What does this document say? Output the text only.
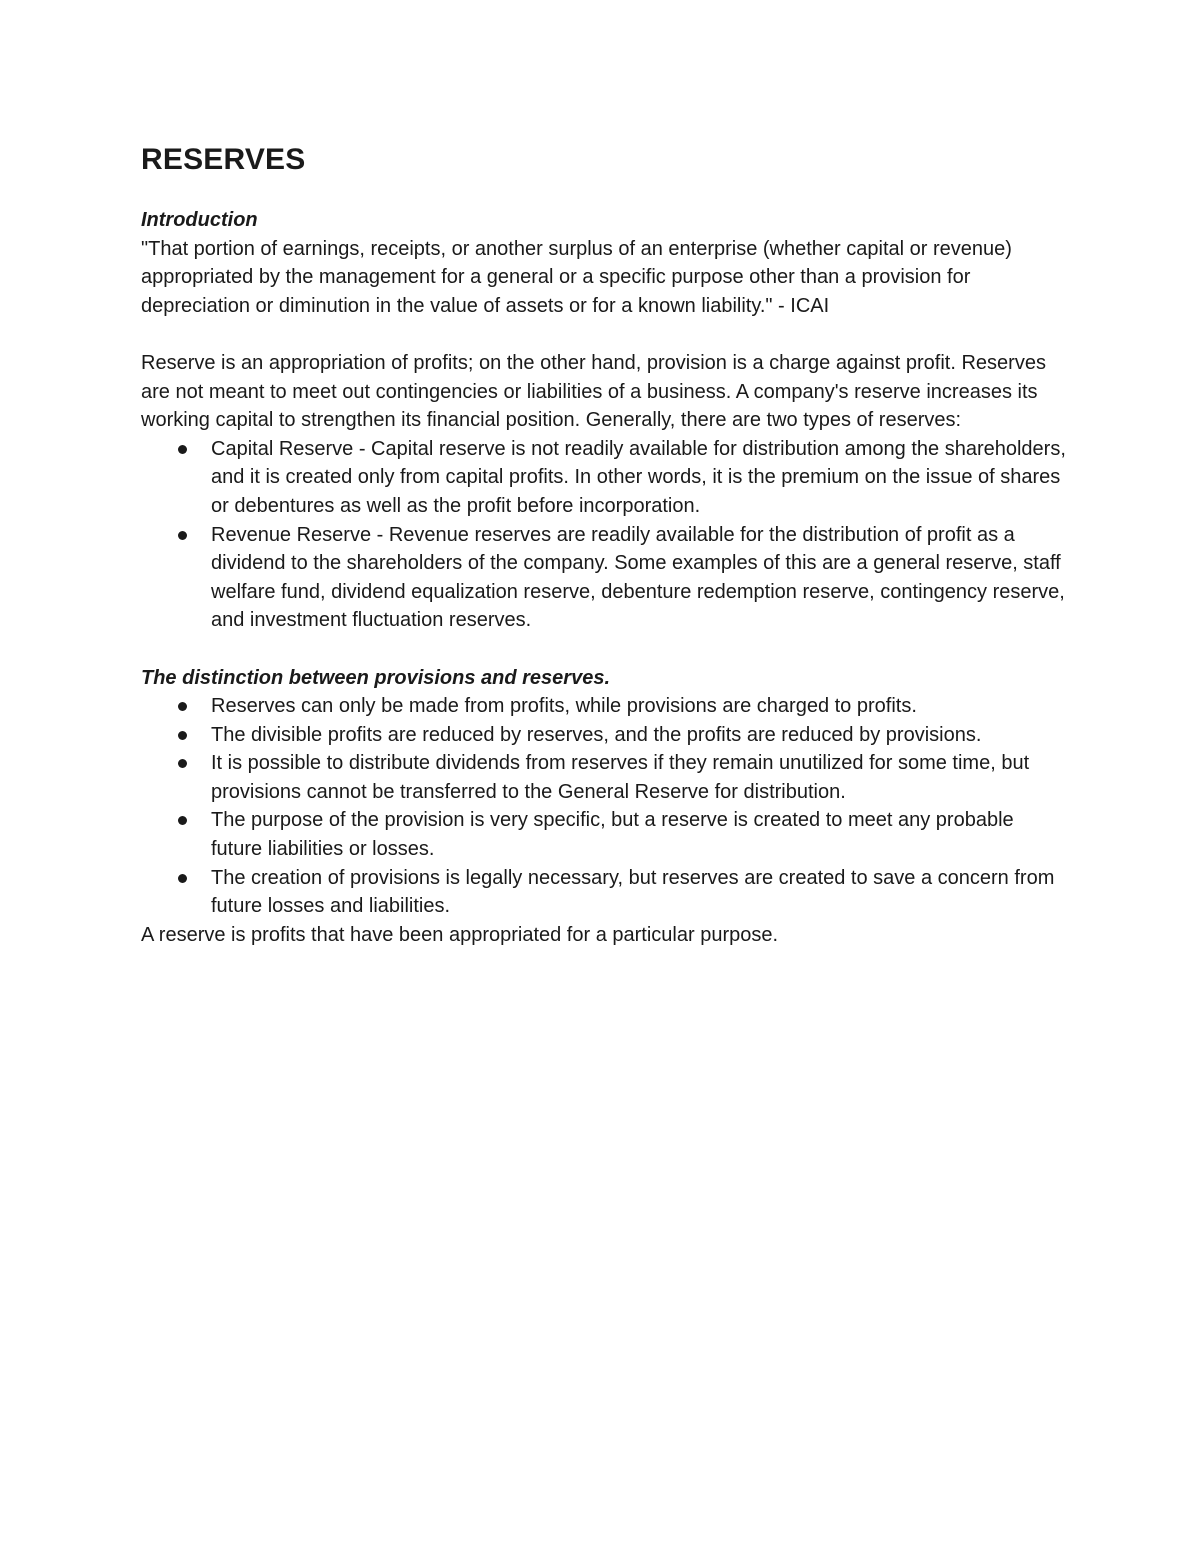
RESERVES

Introduction

"That portion of earnings, receipts, or another surplus of an enterprise (whether capital or revenue) appropriated by the management for a general or a specific purpose other than a provision for depreciation or diminution in the value of assets or for a known liability." - ICAI

Reserve is an appropriation of profits; on the other hand, provision is a charge against profit. Reserves are not meant to meet out contingencies or liabilities of a business. A company's reserve increases its working capital to strengthen its financial position. Generally, there are two types of reserves:

Capital Reserve - Capital reserve is not readily available for distribution among the shareholders, and it is created only from capital profits. In other words, it is the premium on the issue of shares or debentures as well as the profit before incorporation.
Revenue Reserve - Revenue reserves are readily available for the distribution of profit as a dividend to the shareholders of the company. Some examples of this are a general reserve, staff welfare fund, dividend equalization reserve, debenture redemption reserve, contingency reserve, and investment fluctuation reserves.

The distinction between provisions and reserves.

Reserves can only be made from profits, while provisions are charged to profits.
The divisible profits are reduced by reserves, and the profits are reduced by provisions.
It is possible to distribute dividends from reserves if they remain unutilized for some time, but provisions cannot be transferred to the General Reserve for distribution.
The purpose of the provision is very specific, but a reserve is created to meet any probable future liabilities or losses.
The creation of provisions is legally necessary, but reserves are created to save a concern from future losses and liabilities.

A reserve is profits that have been appropriated for a particular purpose.
